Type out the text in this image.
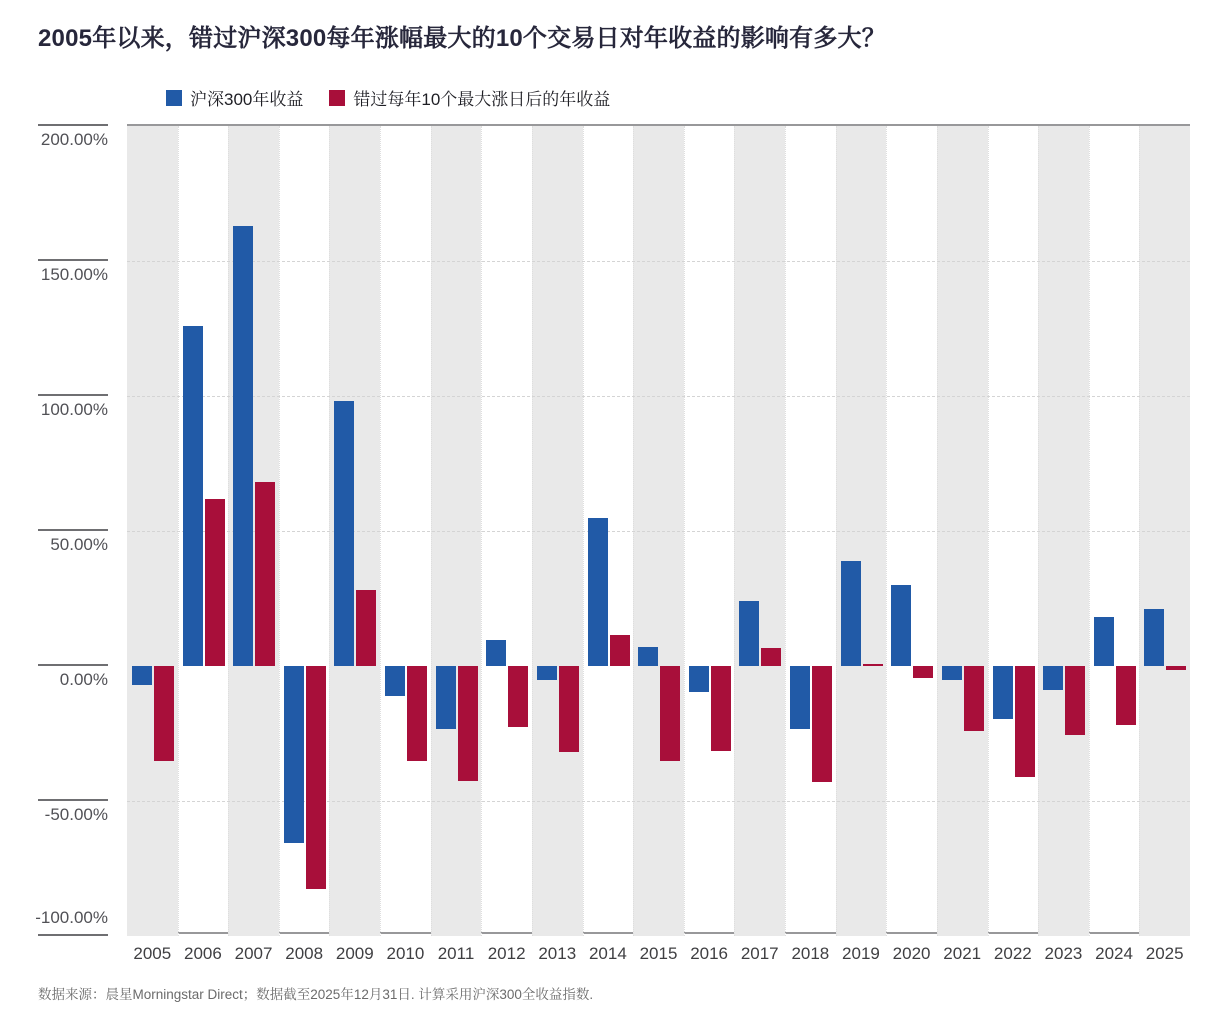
2005年以来，错过沪深300每年涨幅最大的10个交易日对年收益的影响有多大？
沪深300年收益	错过每年10个最大涨日后的年收益
200.00%
150.00%
100.00%
50.00%
0.00%
-50.00%
-100.00%
2005 2006 2007 2008 2009 2010 2011 2012 2013 2014 2015 2016 2017 2018 2019 2020 2021 2022 2023 2024 2025
数据来源：晨星Morningstar Direct；数据截至2025年12月31日. 计算采用沪深300全收益指数.
